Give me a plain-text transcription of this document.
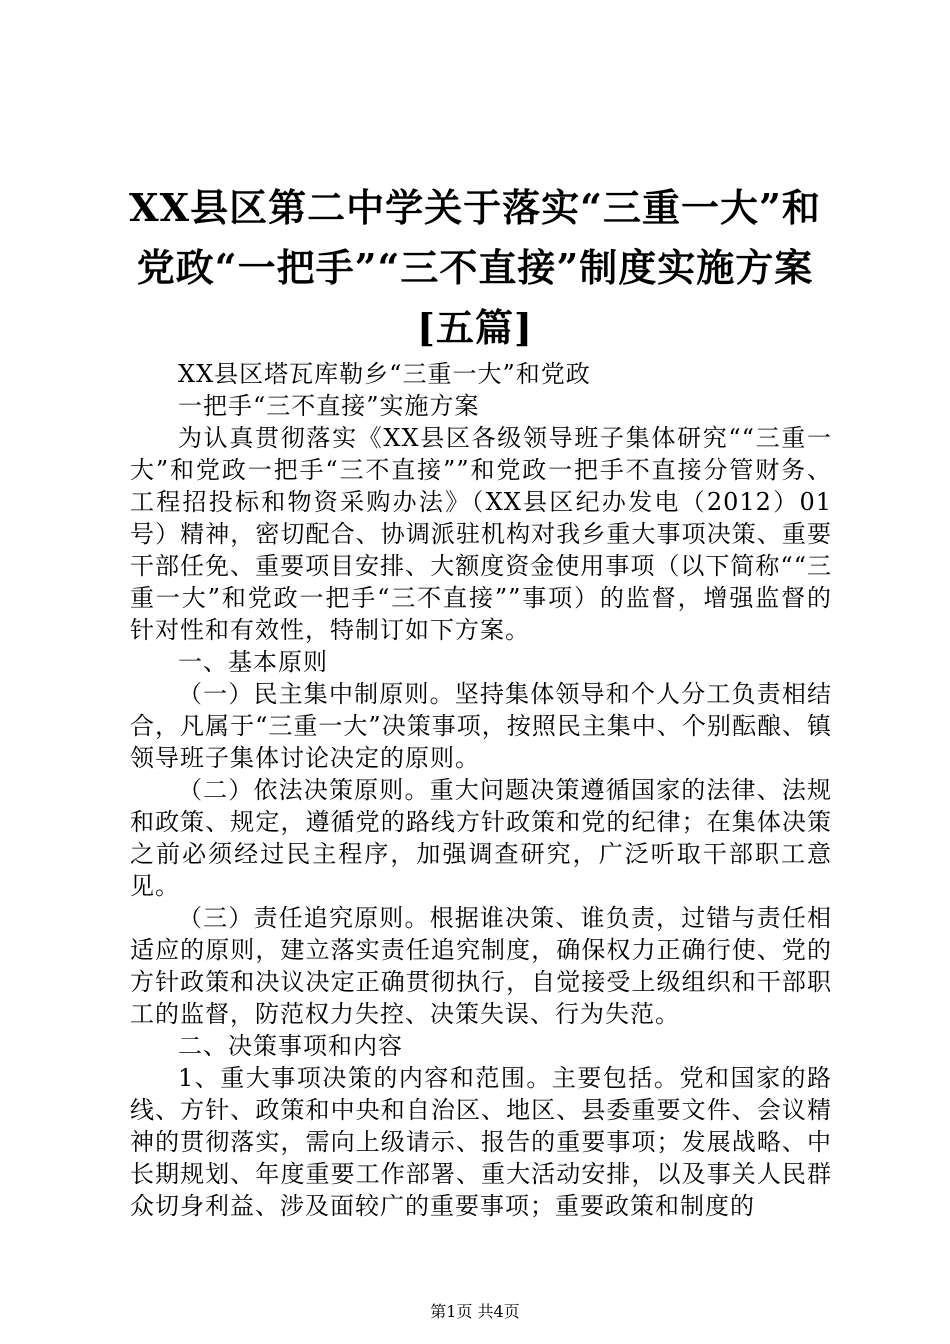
XX县区第二中学关于落实“三重一大”和党政“一把手”“三不直接”制度实施方案[五篇]

XX县区塔瓦库勒乡“三重一大”和党政

一把手“三不直接”实施方案

为认真贯彻落实《XX县区各级领导班子集体研究““三重一大”和党政一把手“三不直接””和党政一把手不直接分管财务、工程招投标和物资采购办法》（XX县区纪办发电（2012）01号）精神，密切配合、协调派驻机构对我乡重大事项决策、重要干部任免、重要项目安排、大额度资金使用事项（以下简称““三重一大”和党政一把手“三不直接””事项）的监督，增强监督的针对性和有效性，特制订如下方案。

一、基本原则

（一）民主集中制原则。坚持集体领导和个人分工负责相结合，凡属于“三重一大”决策事项，按照民主集中、个别酝酿、镇领导班子集体讨论决定的原则。

（二）依法决策原则。重大问题决策遵循国家的法律、法规和政策、规定，遵循党的路线方针政策和党的纪律；在集体决策之前必须经过民主程序，加强调查研究，广泛听取干部职工意见。

（三）责任追究原则。根据谁决策、谁负责，过错与责任相适应的原则，建立落实责任追究制度，确保权力正确行使、党的方针政策和决议决定正确贯彻执行，自觉接受上级组织和干部职工的监督，防范权力失控、决策失误、行为失范。

二、决策事项和内容

1、重大事项决策的内容和范围。主要包括。党和国家的路线、方针、政策和中央和自治区、地区、县委重要文件、会议精神的贯彻落实，需向上级请示、报告的重要事项；发展战略、中长期规划、年度重要工作部署、重大活动安排，以及事关人民群众切身利益、涉及面较广的重要事项；重要政策和制度的

第1页 共4页
